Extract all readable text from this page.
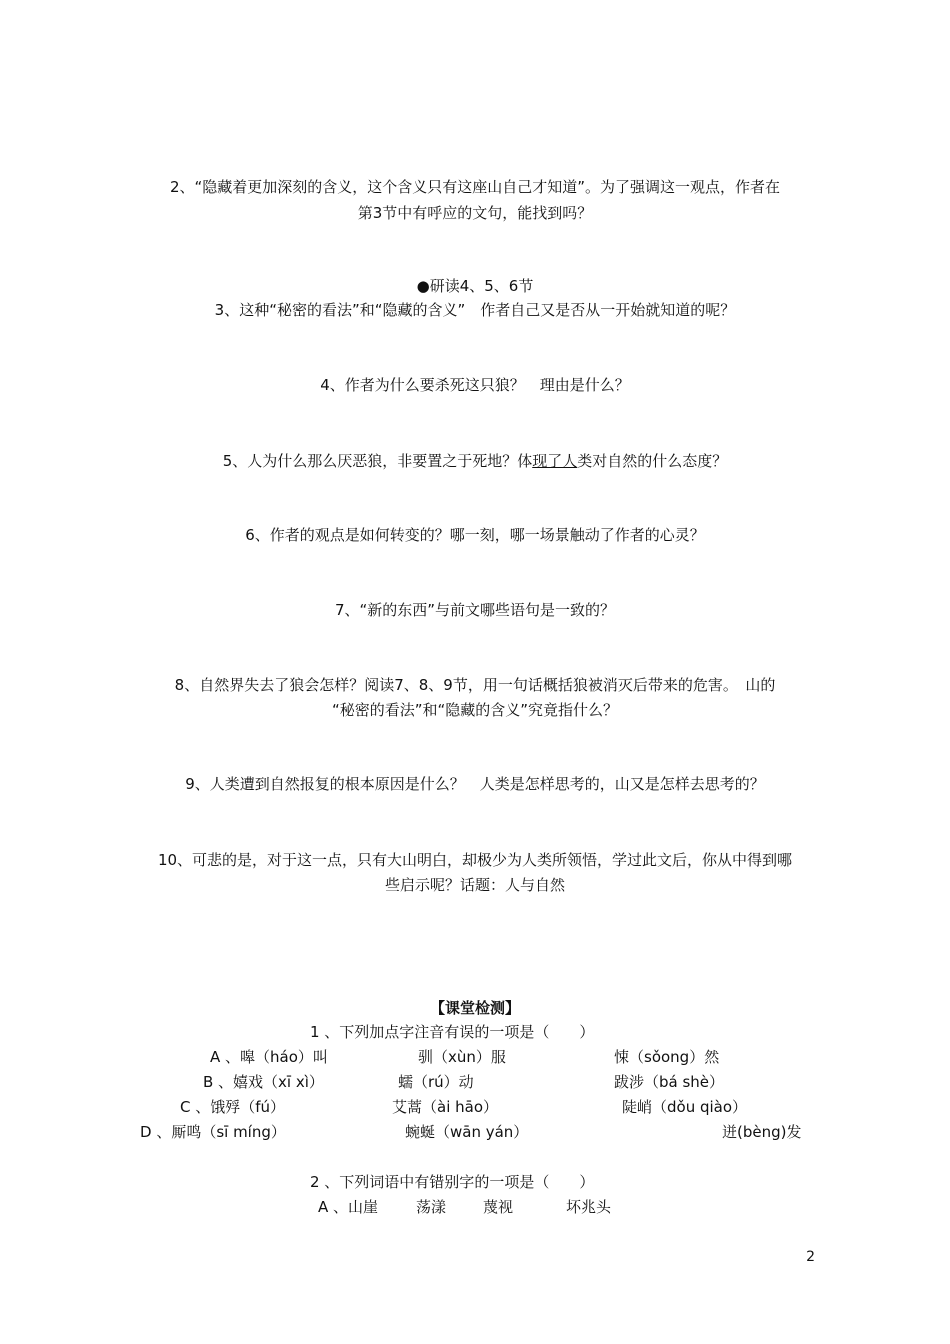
2、“隐藏着更加深刻的含义，这个含义只有这座山自己才知道”。为了强调这一观点，作者在
第3节中有呼应的文句，能找到吗？
●研读4、5、6节
3、这种“秘密的看法”和“隐藏的含义”　作者自己又是否从一开始就知道的呢？
4、作者为什么要杀死这只狼？　理由是什么？
5、人为什么那么厌恶狼，非要置之于死地？体现了人类对自然的什么态度？
6、作者的观点是如何转变的？哪一刻，哪一场景触动了作者的心灵？
7、“新的东西”与前文哪些语句是一致的？
8、自然界失去了狼会怎样？阅读7、8、9节，用一句话概括狼被消灭后带来的危害。　山的
“秘密的看法”和“隐藏的含义”究竟指什么？
9、人类遭到自然报复的根本原因是什么？　人类是怎样思考的，山又是怎样去思考的？
10、可悲的是，对于这一点，只有大山明白，却极少为人类所领悟，学过此文后，你从中得到哪
些启示呢？话题：人与自然
【课堂检测】
1 、下列加点字注音有误的一项是（　　）
A 、嗥（háo）叫	驯（xùn）服	悚（sǒong）然
B 、嬉戏（xī xì）	蠕（rú）动	跋涉（bá shè）
C 、饿殍（fú）	艾蒿（ài hāo）	陡峭（dǒu qiào）
D 、厮鸣（sī míng）	蜿蜒（wān yán）	迸(bèng)发
2 、下列词语中有错别字的一项是（　　）
A 、山崖	荡漾 蔑视	坏兆头
2
